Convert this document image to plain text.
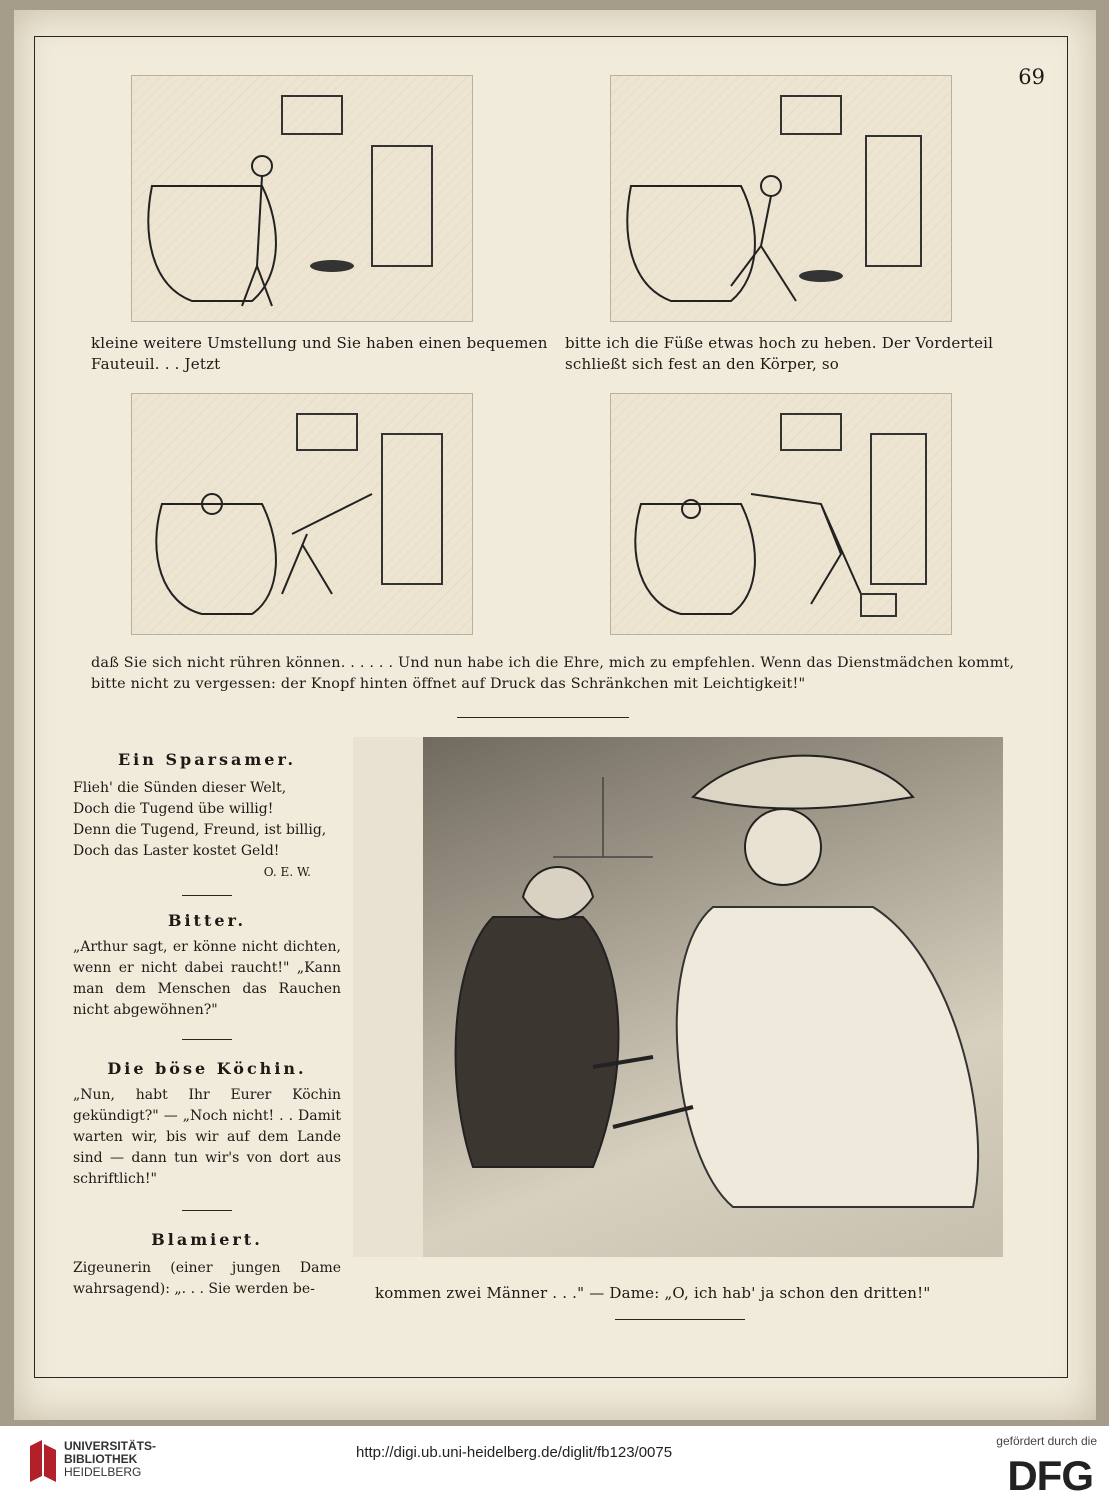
69
kleine weitere Umstellung und Sie haben einen bequemen Fauteuil. . . Jetzt
bitte ich die Füße etwas hoch zu heben. Der Vorderteil schließt sich fest an den Körper, so
daß Sie sich nicht rühren können. . . . . . Und nun habe ich die Ehre, mich zu empfehlen. Wenn das Dienstmädchen kommt,
bitte nicht zu vergessen: der Knopf hinten öffnet auf Druck das Schränkchen mit Leichtigkeit!"
Ein Sparsamer.

Flieh' die Sünden dieser Welt,

Doch die Tugend übe willig!

Denn die Tugend, Freund, ist billig,

Doch das Laster kostet Geld!

O. E. W.

Bitter.

„Arthur sagt, er könne nicht dichten, wenn er nicht dabei raucht!" „Kann man dem Menschen das Rauchen nicht abgewöhnen?"

Die böse Köchin.

„Nun, habt Ihr Eurer Köchin gekündigt?" — „Noch nicht! . . Damit warten wir, bis wir auf dem Lande sind — dann tun wir's von dort aus schriftlich!"

Blamiert.

Zigeunerin (einer jungen Dame wahrsagend): „. . . Sie werden be-	kommen zwei Männer . . ." — Dame: „O, ich hab' ja schon den dritten!"
UNIVERSITÄTS-
BIBLIOTHEK
HEIDELBERG
http://digi.ub.uni-heidelberg.de/diglit/fb123/0075
gefördert durch die
DFG
